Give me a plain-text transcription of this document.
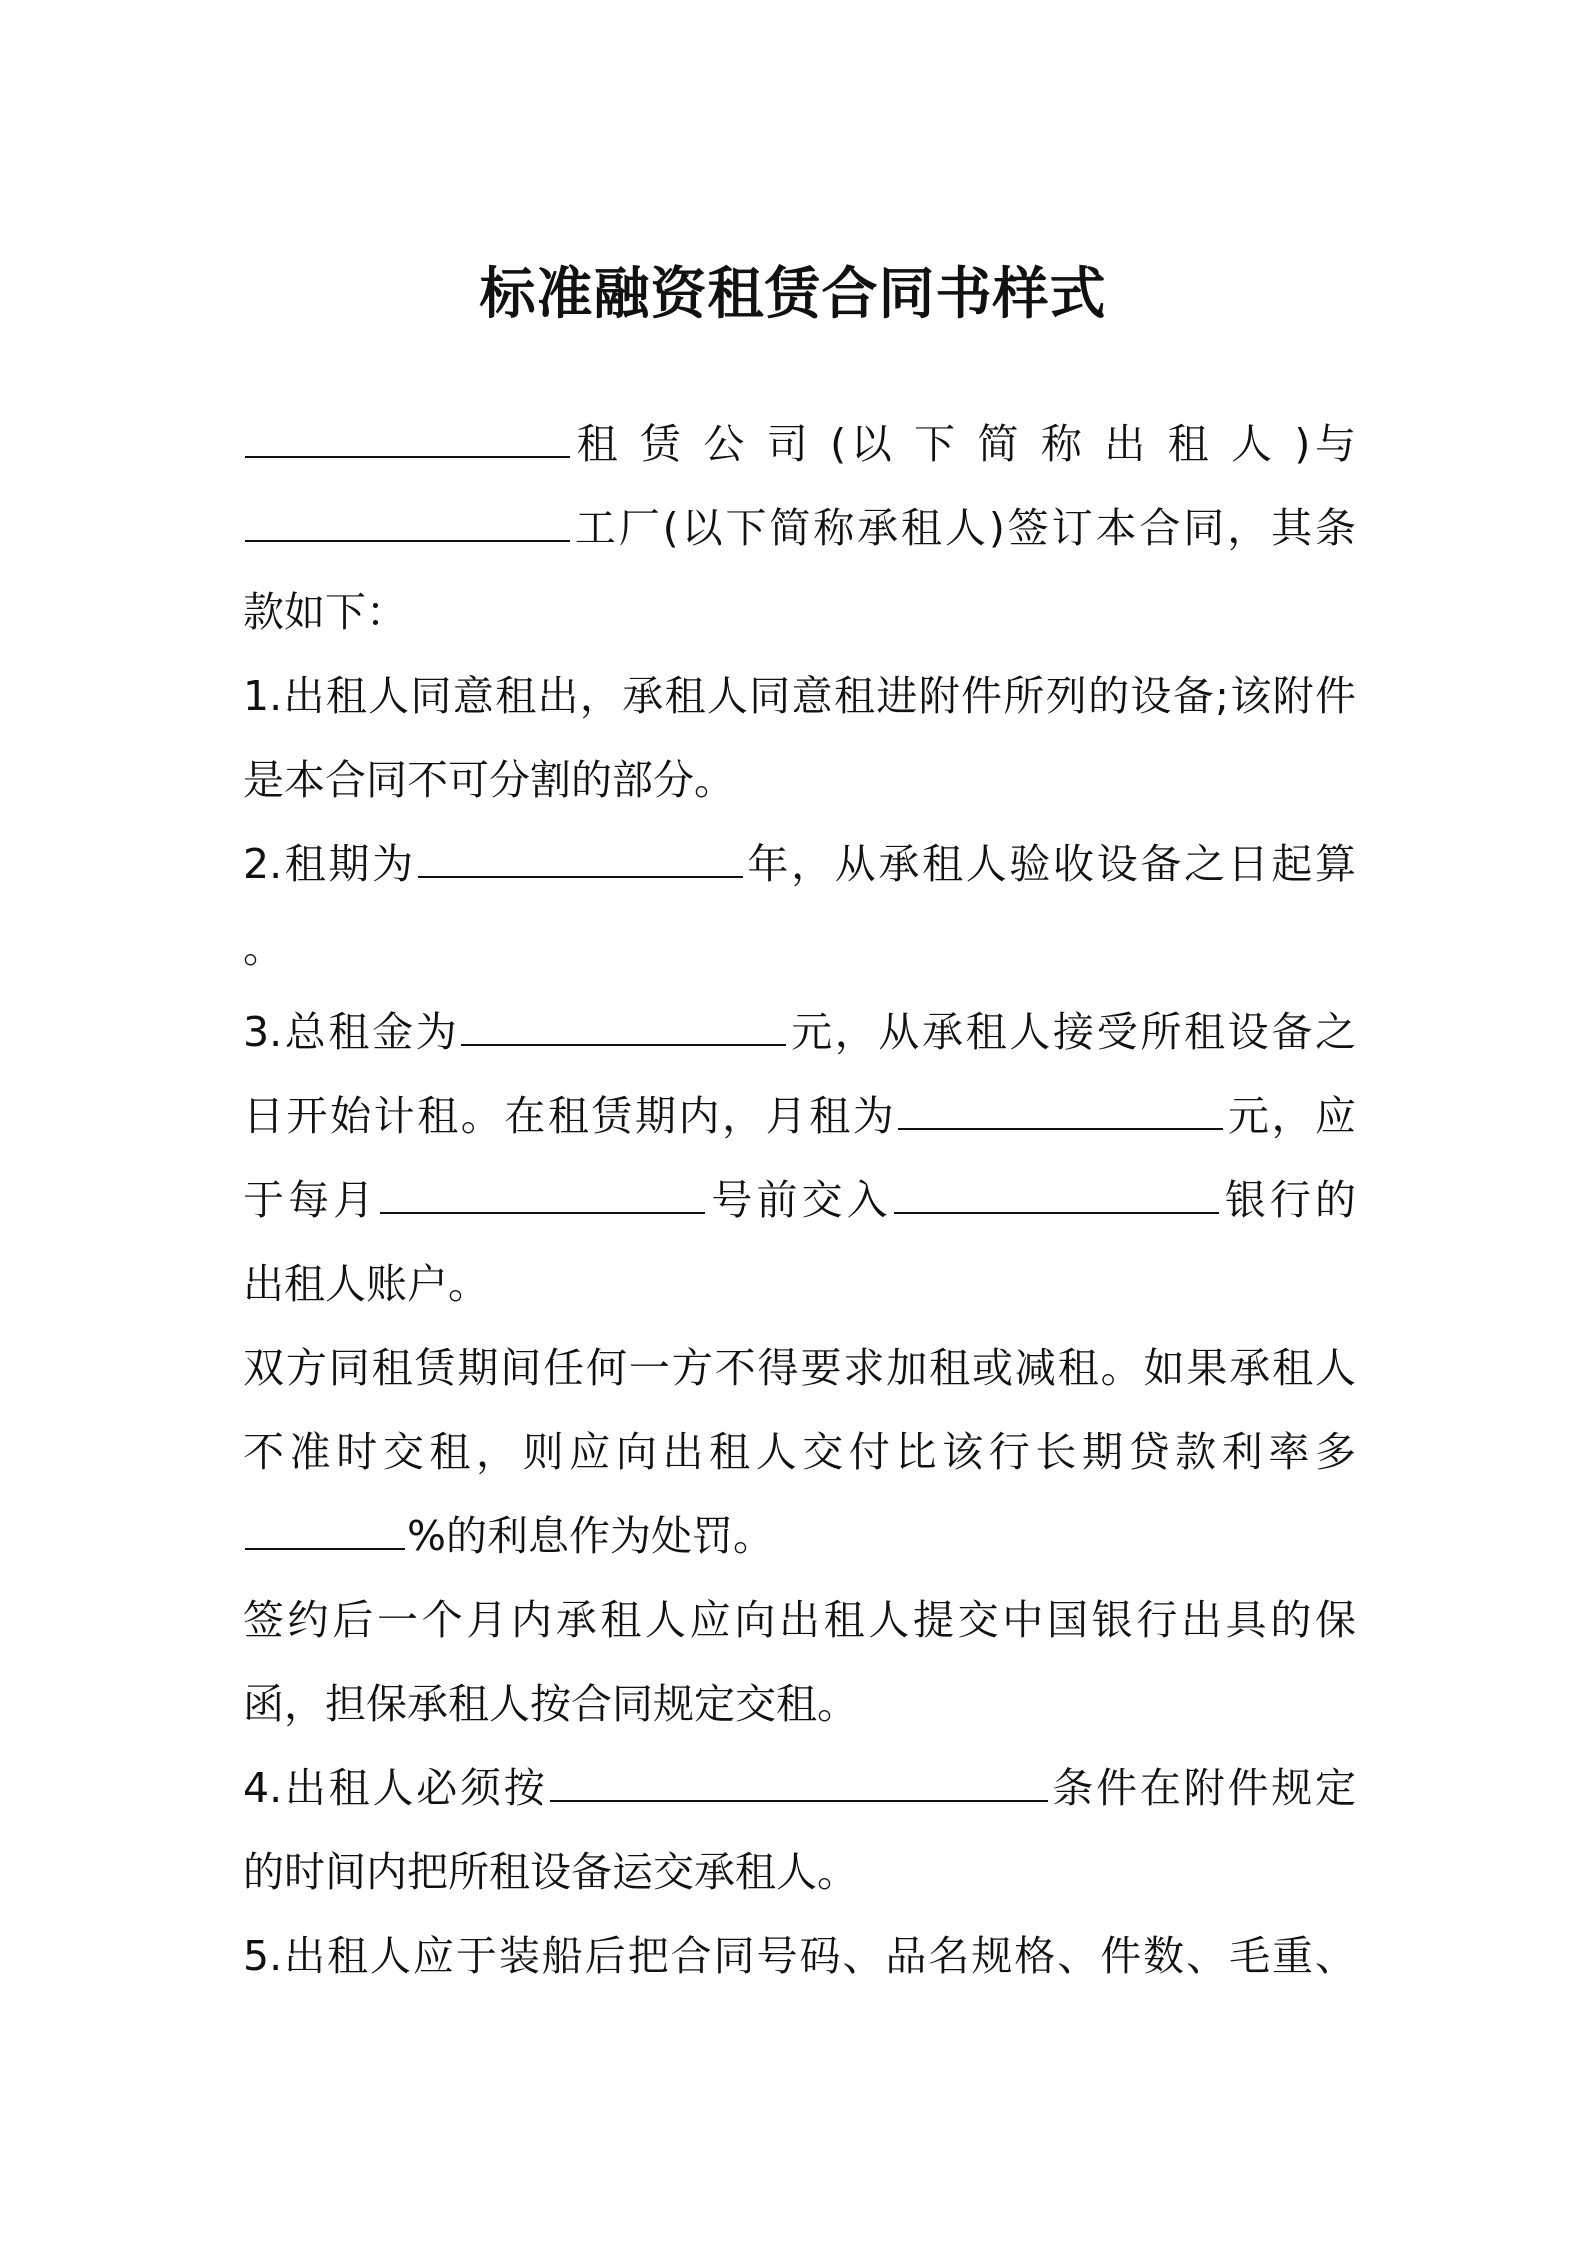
标准融资租赁合同书样式
租 赁 公 司 (以 下 简 称 出 租 人 )与
工厂(以下简称承租人)签订本合同，其条
款如下：
1.出租人同意租出，承租人同意租进附件所列的设备;该附件
是本合同不可分割的部分。
2.租期为	年，从承租人验收设备之日起算
。
3.总租金为	元，从承租人接受所租设备之
日开始计租。在租赁期内，月租为	元，应
于每月	号前交入	银行的
出租人账户。
双方同租赁期间任何一方不得要求加租或减租。如果承租人
不准时交租，则应向出租人交付比该行长期贷款利率多
%的利息作为处罚。
签约后一个月内承租人应向出租人提交中国银行出具的保
函，担保承租人按合同规定交租。
4.出租人必须按	条件在附件规定
的时间内把所租设备运交承租人。
5.出租人应于装船后把合同号码、品名规格、件数、毛重、
